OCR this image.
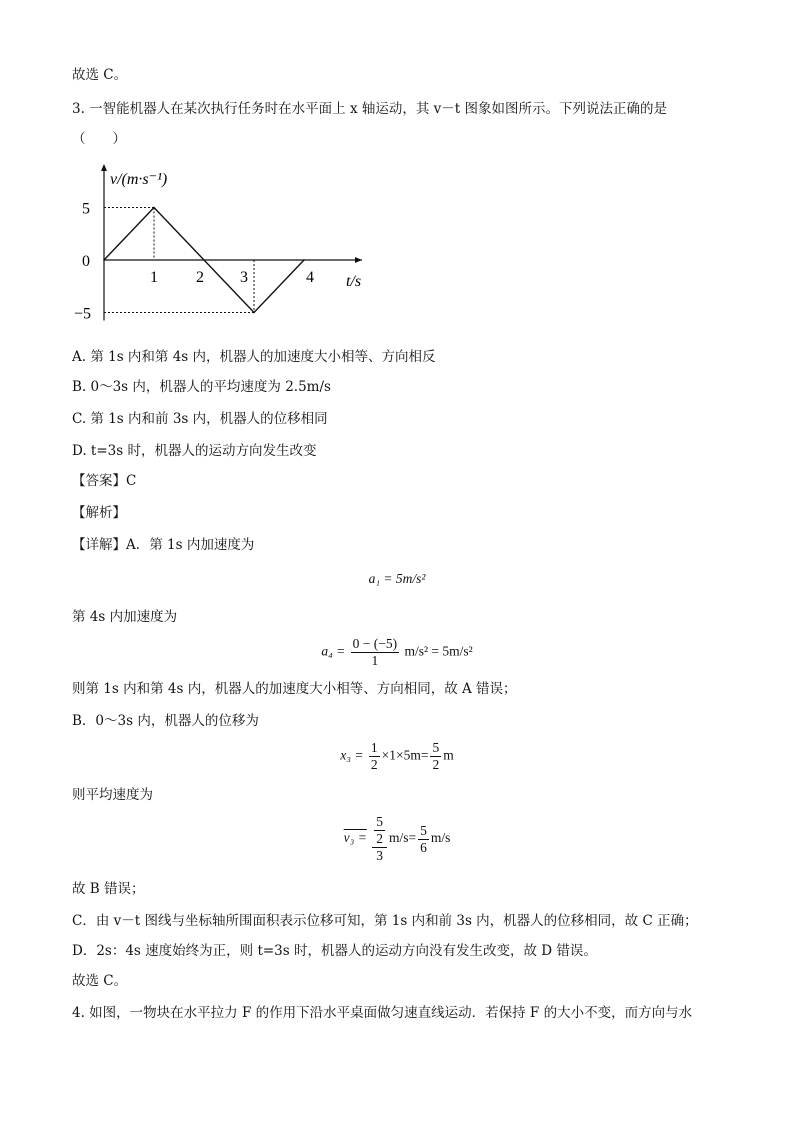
故选 C。
3. 一智能机器人在某次执行任务时在水平面上 x 轴运动，其 v－t 图象如图所示。下列说法正确的是
（　　）
v/(m·s⁻¹)
t/s
5
0
−5
1 2 3	4
A. 第 1s 内和第 4s 内，机器人的加速度大小相等、方向相反
B. 0～3s 内，机器人的平均速度为 2.5m/s
C. 第 1s 内和前 3s 内，机器人的位移相同
D. t=3s 时，机器人的运动方向发生改变
【答案】C
【解析】
【详解】A．第 1s 内加速度为
a₁ = 5m/s²
第 4s 内加速度为
$a_4 = \frac{0 - (-5)}{1} m/s^2 = 5m/s^2$
则第 1s 内和第 4s 内，机器人的加速度大小相等、方向相同，故 A 错误；
B．0～3s 内，机器人的位移为
$x_3 = \frac{1}{2} \times 1\times 5m= \frac{5}{2}$ m
则平均速度为
$v_3 = \frac{\frac{5}{2}}{3} m/s= \frac{5}{6} m/s$
故 B 错误；
C．由 v－t 图线与坐标轴所围面积表示位移可知，第 1s 内和前 3s 内，机器人的位移相同，故 C 正确；
D．2s：4s 速度始终为正，则 t=3s 时，机器人的运动方向没有发生改变，故 D 错误。
故选 C。
4. 如图，一物块在水平拉力 F 的作用下沿水平桌面做匀速直线运动．若保持 F 的大小不变，而方向与水
